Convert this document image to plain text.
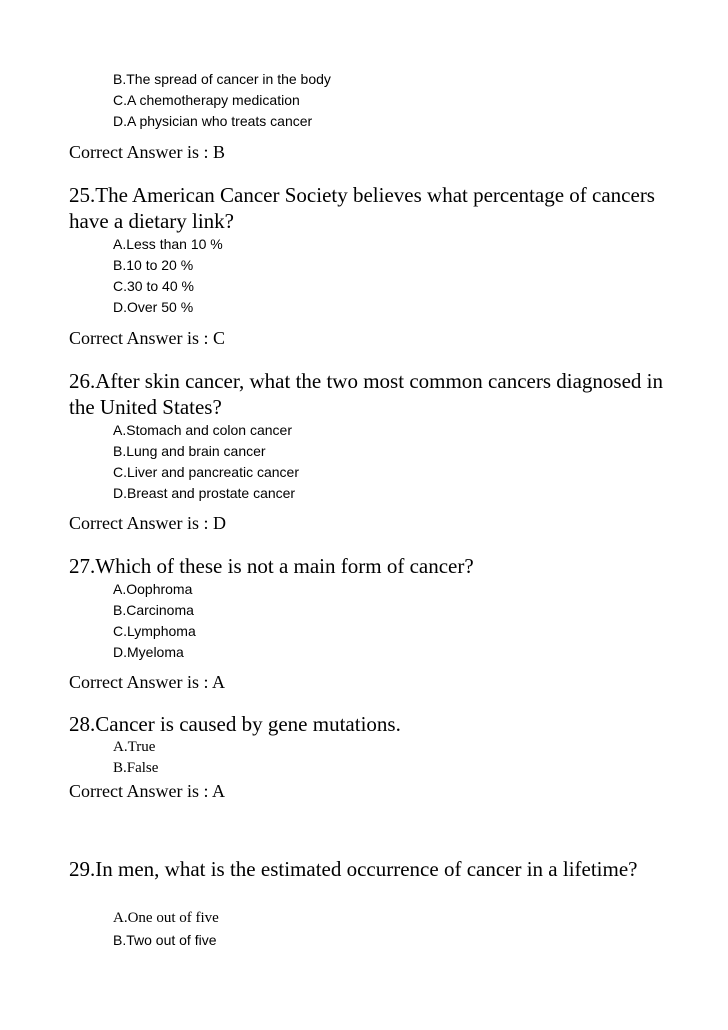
B.The spread of cancer in the body
C.A chemotherapy medication
D.A physician who treats cancer
Correct Answer is : B
25.The American Cancer Society believes what percentage of cancers have a dietary link?
A.Less than 10 %
B.10 to 20 %
C.30 to 40 %
D.Over 50 %
Correct Answer is : C
26.After skin cancer, what the two most common cancers diagnosed in the United States?
A.Stomach and colon cancer
B.Lung and brain cancer
C.Liver and pancreatic cancer
D.Breast and prostate cancer
Correct Answer is : D
27.Which of these is not a main form of cancer?
A.Oophroma
B.Carcinoma
C.Lymphoma
D.Myeloma
Correct Answer is : A
28.Cancer is caused by gene mutations.
A.True
B.False
Correct Answer is : A
29.In men, what is the estimated occurrence of cancer in a lifetime?
A.One out of five
B.Two out of five
